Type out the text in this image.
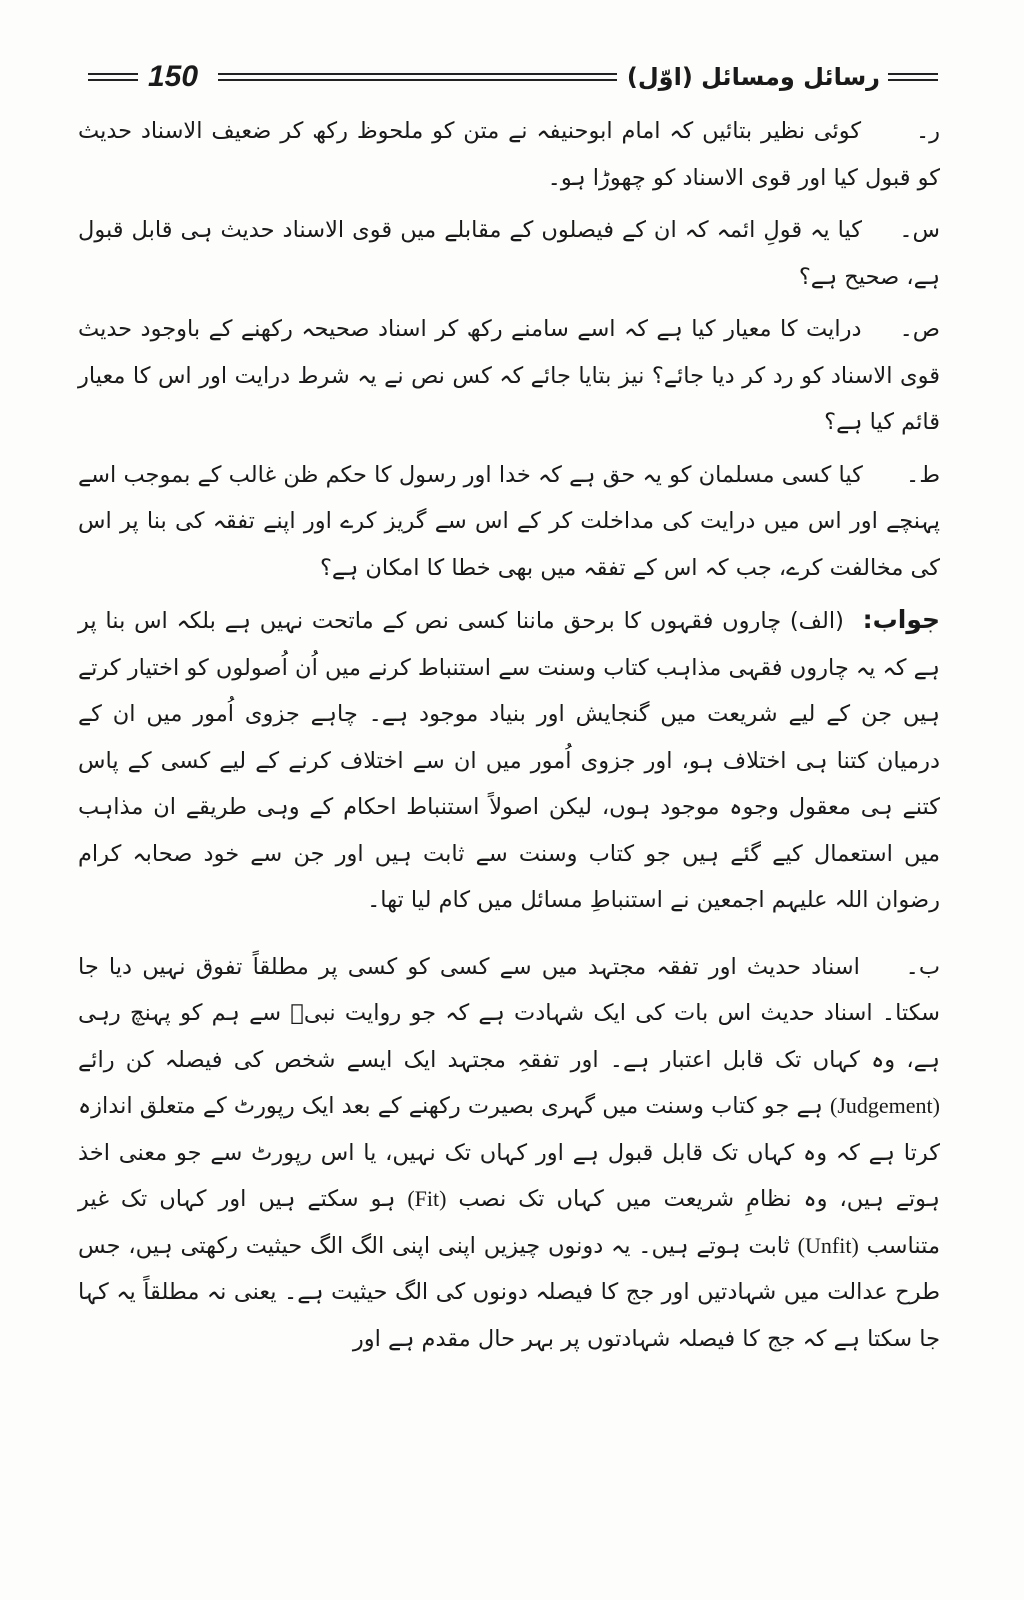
150	رسائل ومسائل (اوّل)

ر۔ کوئی نظیر بتائیں کہ امام ابوحنیفہ نے متن کو ملحوظ رکھ کر ضعیف الاسناد حدیث کو قبول کیا اور قوی الاسناد کو چھوڑا ہو۔

س۔ کیا یہ قولِ ائمہ کہ ان کے فیصلوں کے مقابلے میں قوی الاسناد حدیث ہی قابل قبول ہے، صحیح ہے؟

ص۔ درایت کا معیار کیا ہے کہ اسے سامنے رکھ کر اسناد صحیحہ رکھنے کے باوجود حدیث قوی الاسناد کو رد کر دیا جائے؟ نیز بتایا جائے کہ کس نص نے یہ شرط درایت اور اس کا معیار قائم کیا ہے؟

ط۔ کیا کسی مسلمان کو یہ حق ہے کہ خدا اور رسول کا حکم ظن غالب کے بموجب اسے پہنچے اور اس میں درایت کی مداخلت کر کے اس سے گریز کرے اور اپنے تفقہ کی بنا پر اس کی مخالفت کرے، جب کہ اس کے تفقہ میں بھی خطا کا امکان ہے؟

جواب: (الف) چاروں فقہوں کا برحق ماننا کسی نص کے ماتحت نہیں ہے بلکہ اس بنا پر ہے کہ یہ چاروں فقہی مذاہب کتاب وسنت سے استنباط کرنے میں اُن اُصولوں کو اختیار کرتے ہیں جن کے لیے شریعت میں گنجایش اور بنیاد موجود ہے۔ چاہے جزوی اُمور میں ان کے درمیان کتنا ہی اختلاف ہو، اور جزوی اُمور میں ان سے اختلاف کرنے کے لیے کسی کے پاس کتنے ہی معقول وجوہ موجود ہوں، لیکن اصولاً استنباط احکام کے وہی طریقے ان مذاہب میں استعمال کیے گئے ہیں جو کتاب وسنت سے ثابت ہیں اور جن سے خود صحابہ کرام رضوان اللہ علیہم اجمعین نے استنباطِ مسائل میں کام لیا تھا۔

ب۔ اسناد حدیث اور تفقہ مجتہد میں سے کسی کو کسی پر مطلقاً تفوق نہیں دیا جا سکتا۔ اسناد حدیث اس بات کی ایک شہادت ہے کہ جو روایت نبیؐ سے ہم کو پہنچ رہی ہے، وہ کہاں تک قابل اعتبار ہے۔ اور تفقہِ مجتہد ایک ایسے شخص کی فیصلہ کن رائے (Judgement) ہے جو کتاب وسنت میں گہری بصیرت رکھنے کے بعد ایک رپورٹ کے متعلق اندازہ کرتا ہے کہ وہ کہاں تک قابل قبول ہے اور کہاں تک نہیں، یا اس رپورٹ سے جو معنی اخذ ہوتے ہیں، وہ نظامِ شریعت میں کہاں تک نصب (Fit) ہو سکتے ہیں اور کہاں تک غیر متناسب (Unfit) ثابت ہوتے ہیں۔ یہ دونوں چیزیں اپنی اپنی الگ الگ حیثیت رکھتی ہیں، جس طرح عدالت میں شہادتیں اور جج کا فیصلہ دونوں کی الگ حیثیت ہے۔ یعنی نہ مطلقاً یہ کہا جا سکتا ہے کہ جج کا فیصلہ شہادتوں پر بہر حال مقدم ہے اور
